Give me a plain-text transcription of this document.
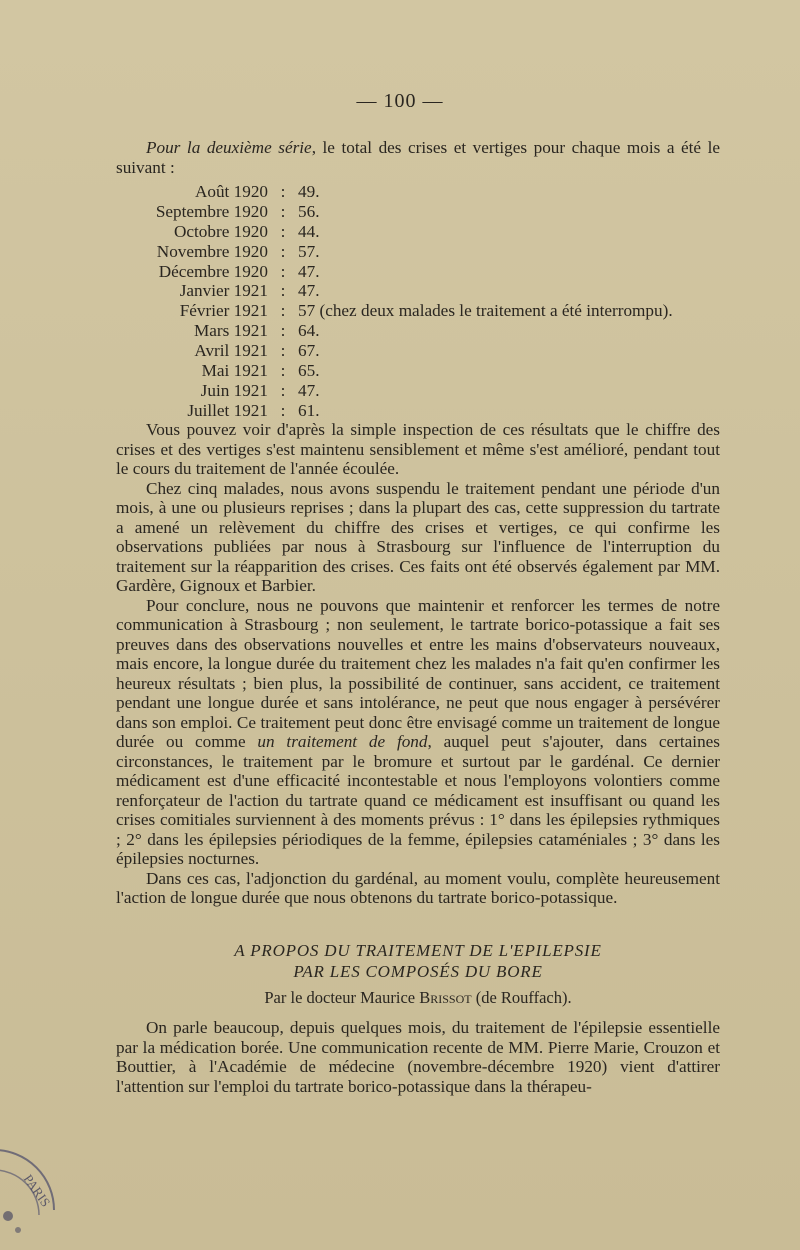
— 100 —

Pour la deuxième série, le total des crises et vertiges pour chaque mois a été le suivant :

Août 1920 : 49.
Septembre 1920 : 56.
Octobre 1920 : 44.
Novembre 1920 : 57.
Décembre 1920 : 47.
Janvier 1921 : 47.
Février 1921 : 57 (chez deux malades le traitement a été interrompu).
Mars 1921 : 64.
Avril 1921 : 67.
Mai 1921 : 65.
Juin 1921 : 47.
Juillet 1921 : 61.

Vous pouvez voir d'après la simple inspection de ces résultats que le chiffre des crises et des vertiges s'est maintenu sensiblement et même s'est amélioré, pendant tout le cours du traitement de l'année écoulée.

Chez cinq malades, nous avons suspendu le traitement pendant une période d'un mois, à une ou plusieurs reprises ; dans la plupart des cas, cette suppression du tartrate a amené un relèvement du chiffre des crises et vertiges, ce qui confirme les observations publiées par nous à Strasbourg sur l'influence de l'interruption du traitement sur la réapparition des crises. Ces faits ont été observés également par MM. Gardère, Gignoux et Barbier.

Pour conclure, nous ne pouvons que maintenir et renforcer les termes de notre communication à Strasbourg ; non seulement, le tartrate borico-potassique a fait ses preuves dans des observations nouvelles et entre les mains d'observateurs nouveaux, mais encore, la longue durée du traitement chez les malades n'a fait qu'en confirmer les heureux résultats ; bien plus, la possibilité de continuer, sans accident, ce traitement pendant une longue durée et sans intolérance, ne peut que nous engager à persévérer dans son emploi. Ce traitement peut donc être envisagé comme un traitement de longue durée ou comme un traitement de fond, auquel peut s'ajouter, dans certaines circonstances, le traitement par le bromure et surtout par le gardénal. Ce dernier médicament est d'une efficacité incontestable et nous l'employons volontiers comme renforçateur de l'action du tartrate quand ce médicament est insuffisant ou quand les crises comitiales surviennent à des moments prévus : 1° dans les épilepsies rythmiques ; 2° dans les épilepsies périodiques de la femme, épilepsies cataméniales ; 3° dans les épilepsies nocturnes.

Dans ces cas, l'adjonction du gardénal, au moment voulu, complète heureusement l'action de longue durée que nous obtenons du tartrate borico-potassique.

A PROPOS DU TRAITEMENT DE L'EPILEPSIE

PAR LES COMPOSÉS DU BORE

Par le docteur Maurice Brissot (de Rouffach).

On parle beaucoup, depuis quelques mois, du traitement de l'épilepsie essentielle par la médication borée. Une communication recente de MM. Pierre Marie, Crouzon et Bouttier, à l'Académie de médecine (novembre-décembre 1920) vient d'attirer l'attention sur l'emploi du tartrate borico-potassique dans la thérapeu-

PARIS
